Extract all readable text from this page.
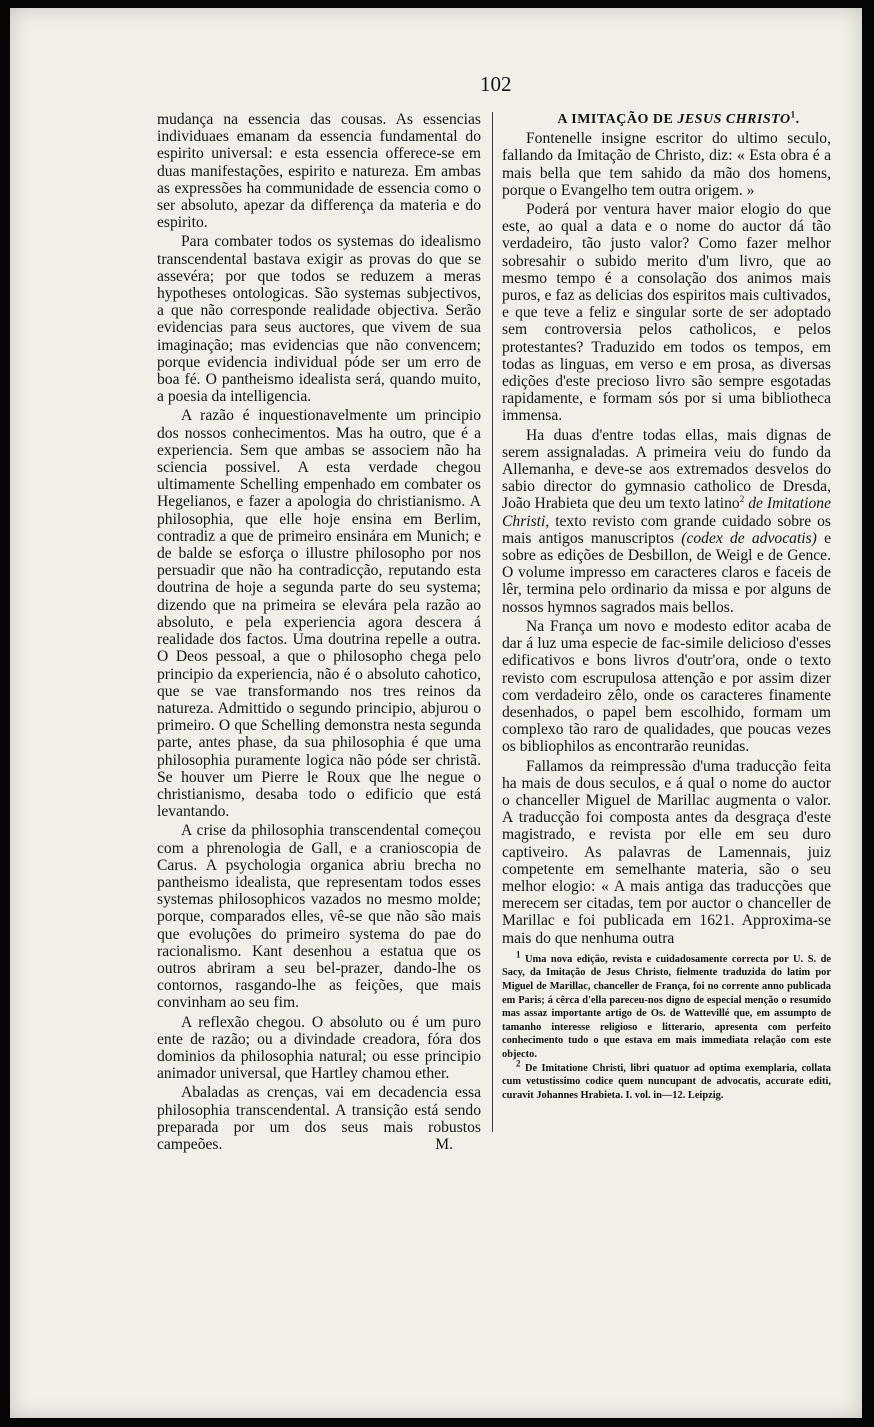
102

mudança na essencia das cousas. As essencias individuaes emanam da essencia fundamental do espirito universal: e esta essencia offerece-se em duas manifestações, espirito e natureza. Em ambas as expressões ha communidade de essencia como o ser absoluto, apezar da differença da materia e do espirito.

Para combater todos os systemas do idealismo transcendental bastava exigir as provas do que se assevéra; por que todos se reduzem a meras hypotheses ontologicas. São systemas subjectivos, a que não corresponde realidade objectiva. Serão evidencias para seus auctores, que vivem de sua imaginação; mas evidencias que não convencem; porque evidencia individual póde ser um erro de boa fé. O pantheismo idealista será, quando muito, a poesia da intelligencia.

A razão é inquestionavelmente um principio dos nossos conhecimentos. Mas ha outro, que é a experiencia. Sem que ambas se associem não ha sciencia possivel. A esta verdade chegou ultimamente Schelling empenhado em combater os Hegelianos, e fazer a apologia do christianismo. A philosophia, que elle hoje ensina em Berlim, contradiz a que de primeiro ensinára em Munich; e de balde se esforça o illustre philosopho por nos persuadir que não ha contradicção, reputando esta doutrina de hoje a segunda parte do seu systema; dizendo que na primeira se elevára pela razão ao absoluto, e pela experiencia agora descera á realidade dos factos. Uma doutrina repelle a outra. O Deos pessoal, a que o philosopho chega pelo principio da experiencia, não é o absoluto cahotico, que se vae transformando nos tres reinos da natureza. Admittido o segundo principio, abjurou o primeiro. O que Schelling demonstra nesta segunda parte, antes phase, da sua philosophia é que uma philosophia puramente logica não póde ser christã. Se houver um Pierre le Roux que lhe negue o christianismo, desaba todo o edificio que está levantando.

A crise da philosophia transcendental começou com a phrenologia de Gall, e a cranioscopia de Carus. A psychologia organica abriu brecha no pantheismo idealista, que representam todos esses systemas philosophicos vazados no mesmo molde; porque, comparados elles, vê-se que não são mais que evoluções do primeiro systema do pae do racionalismo. Kant desenhou a estatua que os outros abriram a seu bel-prazer, dando-lhe os contornos, rasgando-lhe as feições, que mais convinham ao seu fim.

A reflexão chegou. O absoluto ou é um puro ente de razão; ou a divindade creadora, fóra dos dominios da philosophia natural; ou esse principio animador universal, que Hartley chamou ether.

Abaladas as crenças, vai em decadencia essa philosophia transcendental. A transição está sendo preparada por um dos seus mais robustos campeões.	M.

A IMITAÇÃO DE JESUS CHRISTO$^1$.

Fontenelle insigne escritor do ultimo seculo, fallando da Imitação de Christo, diz: « Esta obra é a mais bella que tem sahido da mão dos homens, porque o Evangelho tem outra origem. »

Poderá por ventura haver maior elogio do que este, ao qual a data e o nome do auctor dá tão verdadeiro, tão justo valor? Como fazer melhor sobresahir o subido merito d'um livro, que ao mesmo tempo é a consolação dos animos mais puros, e faz as delicias dos espiritos mais cultivados, e que teve a feliz e singular sorte de ser adoptado sem controversia pelos catholicos, e pelos protestantes? Traduzido em todos os tempos, em todas as linguas, em verso e em prosa, as diversas edições d'este precioso livro são sempre esgotadas rapidamente, e formam sós por si uma bibliotheca immensa.

Ha duas d'entre todas ellas, mais dignas de serem assignaladas. A primeira veiu do fundo da Allemanha, e deve-se aos extremados desvelos do sabio director do gymnasio catholico de Dresda, João Hrabieta que deu um texto latino$^2$ de Imitatione Christi, texto revisto com grande cuidado sobre os mais antigos manuscriptos (codex de advocatis) e sobre as edições de Desbillon, de Weigl e de Gence. O volume impresso em caracteres claros e faceis de lêr, termina pelo ordinario da missa e por alguns de nossos hymnos sagrados mais bellos.

Na França um novo e modesto editor acaba de dar á luz uma especie de fac-simile delicioso d'esses edificativos e bons livros d'outr'ora, onde o texto revisto com escrupulosa attenção e por assim dizer com verdadeiro zêlo, onde os caracteres finamente desenhados, o papel bem escolhido, formam um complexo tão raro de qualidades, que poucas vezes os bibliophilos as encontrarão reunidas.

Fallamos da reimpressão d'uma traducção feita ha mais de dous seculos, e á qual o nome do auctor o chanceller Miguel de Marillac augmenta o valor. A traducção foi composta antes da desgraça d'este magistrado, e revista por elle em seu duro captiveiro. As palavras de Lamennais, juiz competente em semelhante materia, são o seu melhor elogio: « A mais antiga das traducções que merecem ser citadas, tem por auctor o chanceller de Marillac e foi publicada em 1621. Approxima-se mais do que nenhuma outra

$^1$ Uma nova edição, revista e cuidadosamente correcta por U. S. de Sacy, da Imitação de Jesus Christo, fielmente traduzida do latim por Miguel de Marillac, chanceller de França, foi no corrente anno publicada em Paris; á cêrca d'ella pareceu-nos digno de especial menção o resumido mas assaz importante artigo de Os. de Wattevillé que, em assumpto de tamanho interesse religioso e litterario, apresenta com perfeito conhecimento tudo o que estava em mais immediata relação com este objecto.

$^2$ De Imitatione Christi, libri quatuor ad optima exemplaria, collata cum vetustissimo codice quem nuncupant de advocatis, accurate editi, curavit Johannes Hrabieta. I. vol. in—12. Leipzig.
